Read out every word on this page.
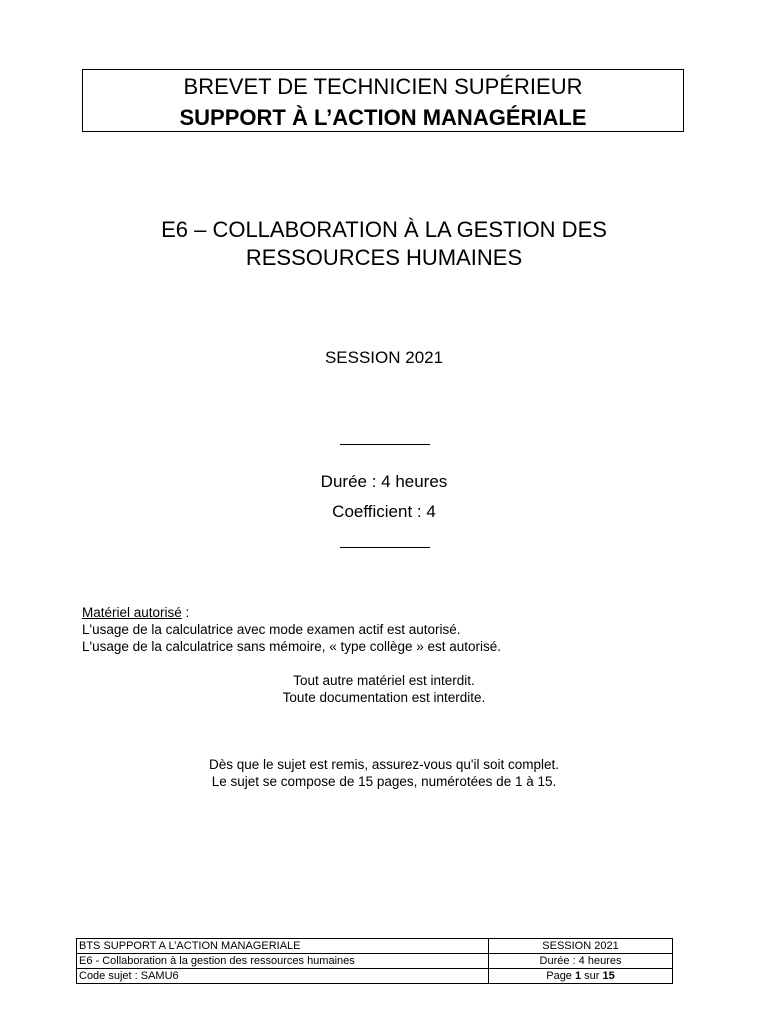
BREVET DE TECHNICIEN SUPÉRIEUR
SUPPORT À L’ACTION MANAGÉRIALE
E6 – COLLABORATION À LA GESTION DES
RESSOURCES HUMAINES
SESSION 2021
Durée : 4 heures
Coefficient : 4
Matériel autorisé :
L'usage de la calculatrice avec mode examen actif est autorisé.
L'usage de la calculatrice sans mémoire, « type collège » est autorisé.
Tout autre matériel est interdit.
Toute documentation est interdite.
Dès que le sujet est remis, assurez-vous qu'il soit complet.
Le sujet se compose de 15 pages, numérotées de 1 à 15.
BTS SUPPORT A L’ACTION MANAGERIALE	SESSION 2021
E6 - Collaboration à la gestion des ressources humaines	Durée : 4 heures
Code sujet : SAMU6	Page 1 sur 15
